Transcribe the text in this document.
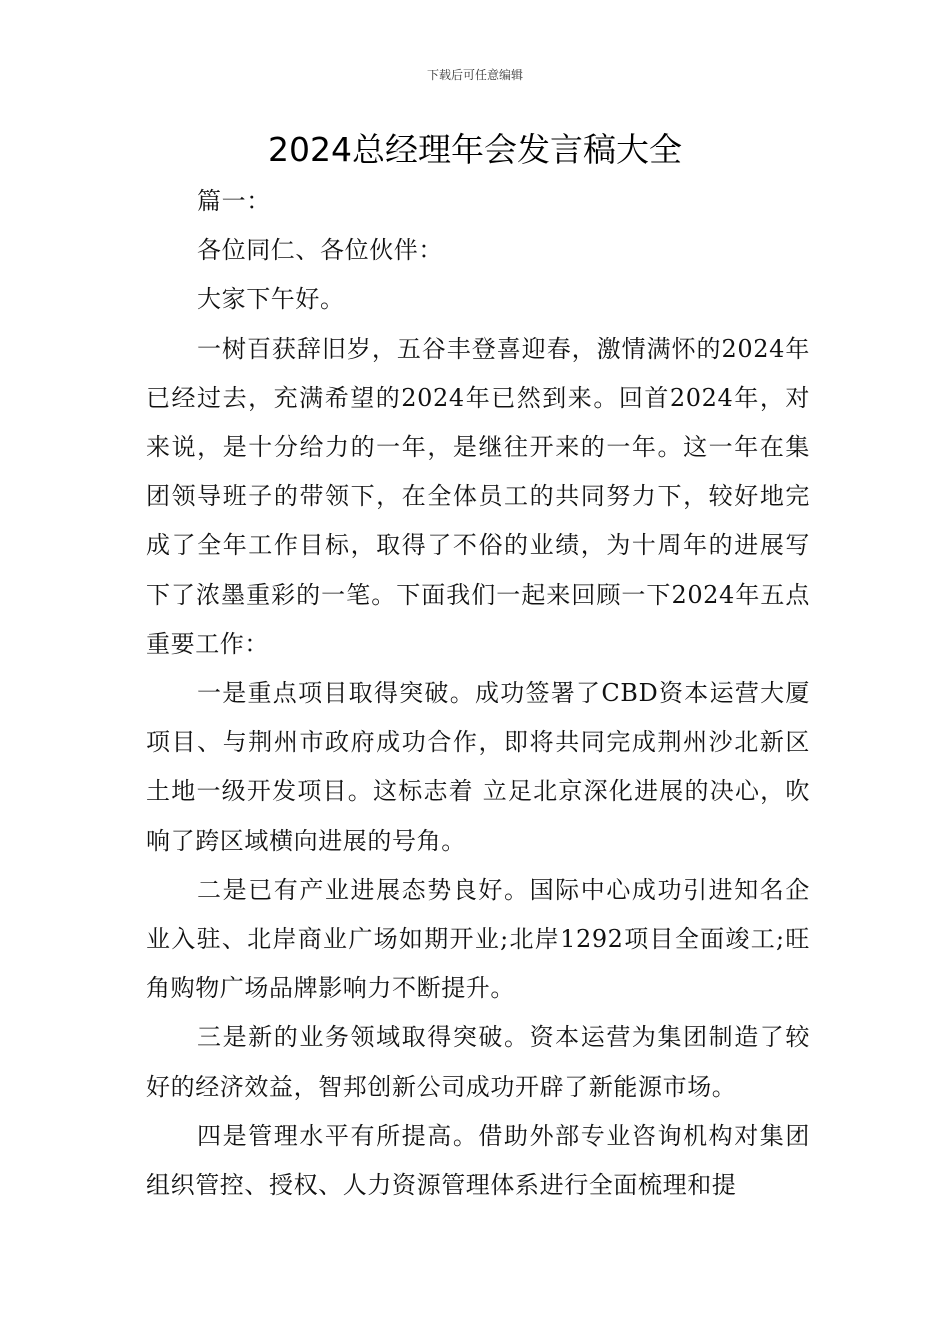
下载后可任意编辑
2024总经理年会发言稿大全

篇一：

各位同仁、各位伙伴：

大家下午好。

一树百获辞旧岁，五谷丰登喜迎春，激情满怀的2024年已经过去，充满希望的2024年已然到来。回首2024年，对来说，是十分给力的一年，是继往开来的一年。这一年在集团领导班子的带领下，在全体员工的共同努力下，较好地完成了全年工作目标，取得了不俗的业绩，为十周年的进展写下了浓墨重彩的一笔。下面我们一起来回顾一下2024年五点重要工作：

一是重点项目取得突破。成功签署了CBD资本运营大厦项目、与荆州市政府成功合作，即将共同完成荆州沙北新区土地一级开发项目。这标志着 立足北京深化进展的决心，吹响了跨区域横向进展的号角。

二是已有产业进展态势良好。国际中心成功引进知名企业入驻、北岸商业广场如期开业;北岸1292项目全面竣工;旺角购物广场品牌影响力不断提升。

三是新的业务领域取得突破。资本运营为集团制造了较好的经济效益，智邦创新公司成功开辟了新能源市场。

四是管理水平有所提高。借助外部专业咨询机构对集团组织管控、授权、人力资源管理体系进行全面梳理和提
